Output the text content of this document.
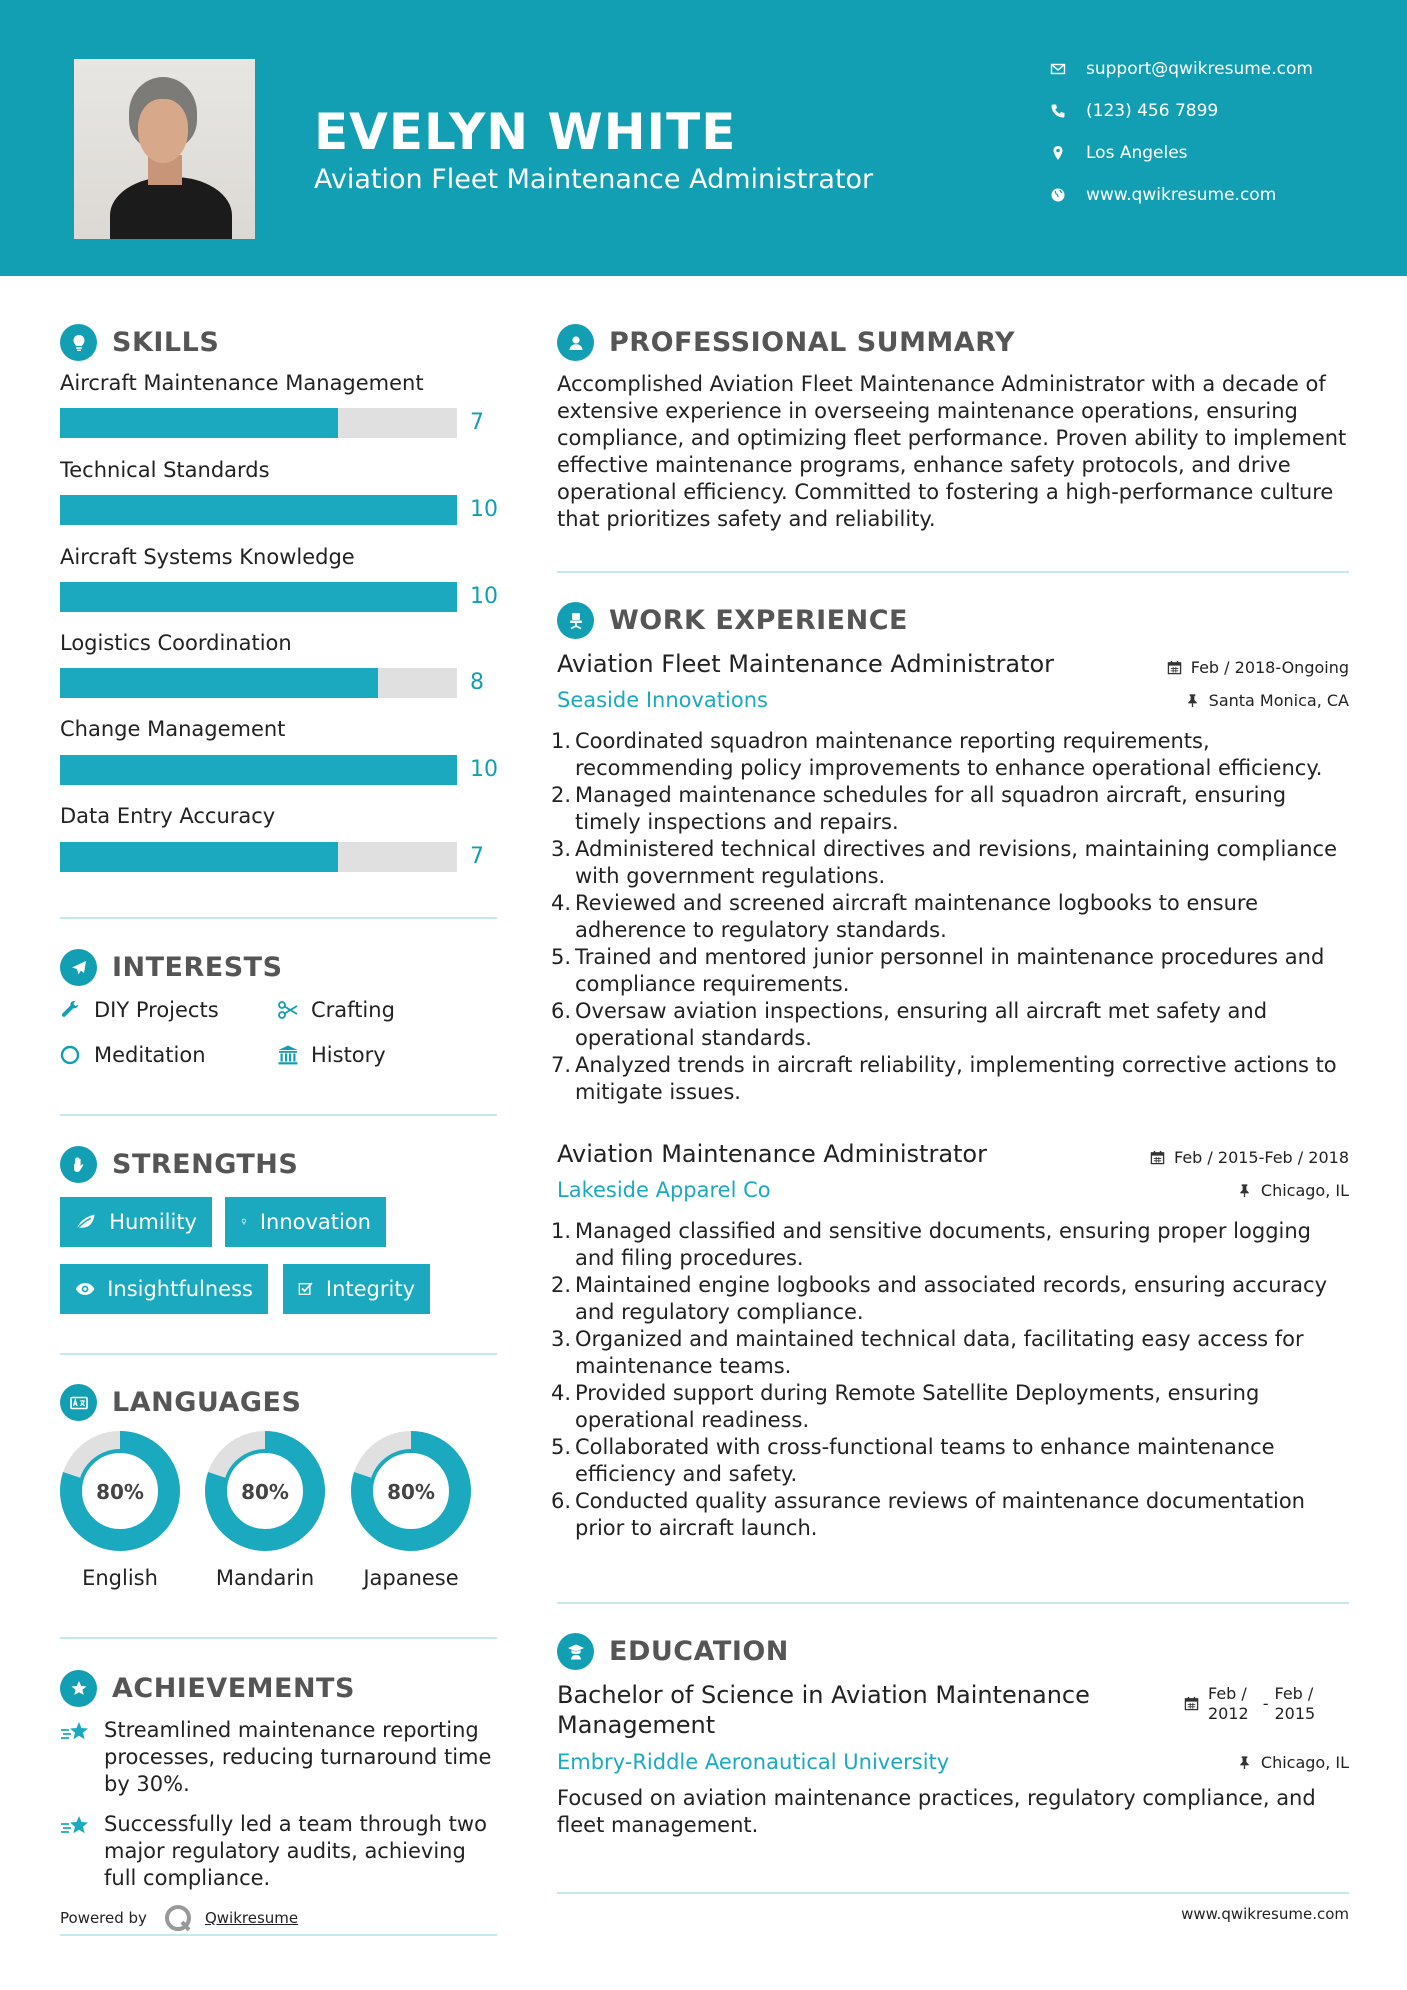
EVELYN WHITE
Aviation Fleet Maintenance Administrator
support@qwikresume.com
(123) 456 7899
Los Angeles
www.qwikresume.com
SKILLS
Aircraft Maintenance Management
7
Technical Standards
10
Aircraft Systems Knowledge
10
Logistics Coordination
8
Change Management
10
Data Entry Accuracy
7
INTERESTS
DIY Projects	Crafting
Meditation	History
STRENGTHS
Humility	Innovation
Insightfulness	Integrity
LANGUAGES
80%
English
80%
Mandarin
80%
Japanese
ACHIEVEMENTS
Streamlined maintenance reporting processes, reducing turnaround time by 30%.
Successfully led a team through two major regulatory audits, achieving full compliance.
Powered by	Qwikresume
PROFESSIONAL SUMMARY
Accomplished Aviation Fleet Maintenance Administrator with a decade of extensive experience in overseeing maintenance operations, ensuring compliance, and optimizing fleet performance. Proven ability to implement effective maintenance programs, enhance safety protocols, and drive operational efficiency. Committed to fostering a high-performance culture that prioritizes safety and reliability.
WORK EXPERIENCE
Aviation Fleet Maintenance Administrator	Feb / 2018-Ongoing
Seaside Innovations	Santa Monica, CA
1. Coordinated squadron maintenance reporting requirements, recommending policy improvements to enhance operational efficiency.
2. Managed maintenance schedules for all squadron aircraft, ensuring timely inspections and repairs.
3. Administered technical directives and revisions, maintaining compliance with government regulations.
4. Reviewed and screened aircraft maintenance logbooks to ensure adherence to regulatory standards.
5. Trained and mentored junior personnel in maintenance procedures and compliance requirements.
6. Oversaw aviation inspections, ensuring all aircraft met safety and operational standards.
7. Analyzed trends in aircraft reliability, implementing corrective actions to mitigate issues.
Aviation Maintenance Administrator	Feb / 2015-Feb / 2018
Lakeside Apparel Co	Chicago, IL
1. Managed classified and sensitive documents, ensuring proper logging and filing procedures.
2. Maintained engine logbooks and associated records, ensuring accuracy and regulatory compliance.
3. Organized and maintained technical data, facilitating easy access for maintenance teams.
4. Provided support during Remote Satellite Deployments, ensuring operational readiness.
5. Collaborated with cross-functional teams to enhance maintenance efficiency and safety.
6. Conducted quality assurance reviews of maintenance documentation prior to aircraft launch.
EDUCATION
Bachelor of Science in Aviation Maintenance Management
Feb /
2012
-
Feb /
2015
Embry-Riddle Aeronautical University	Chicago, IL
Focused on aviation maintenance practices, regulatory compliance, and fleet management.
www.qwikresume.com
